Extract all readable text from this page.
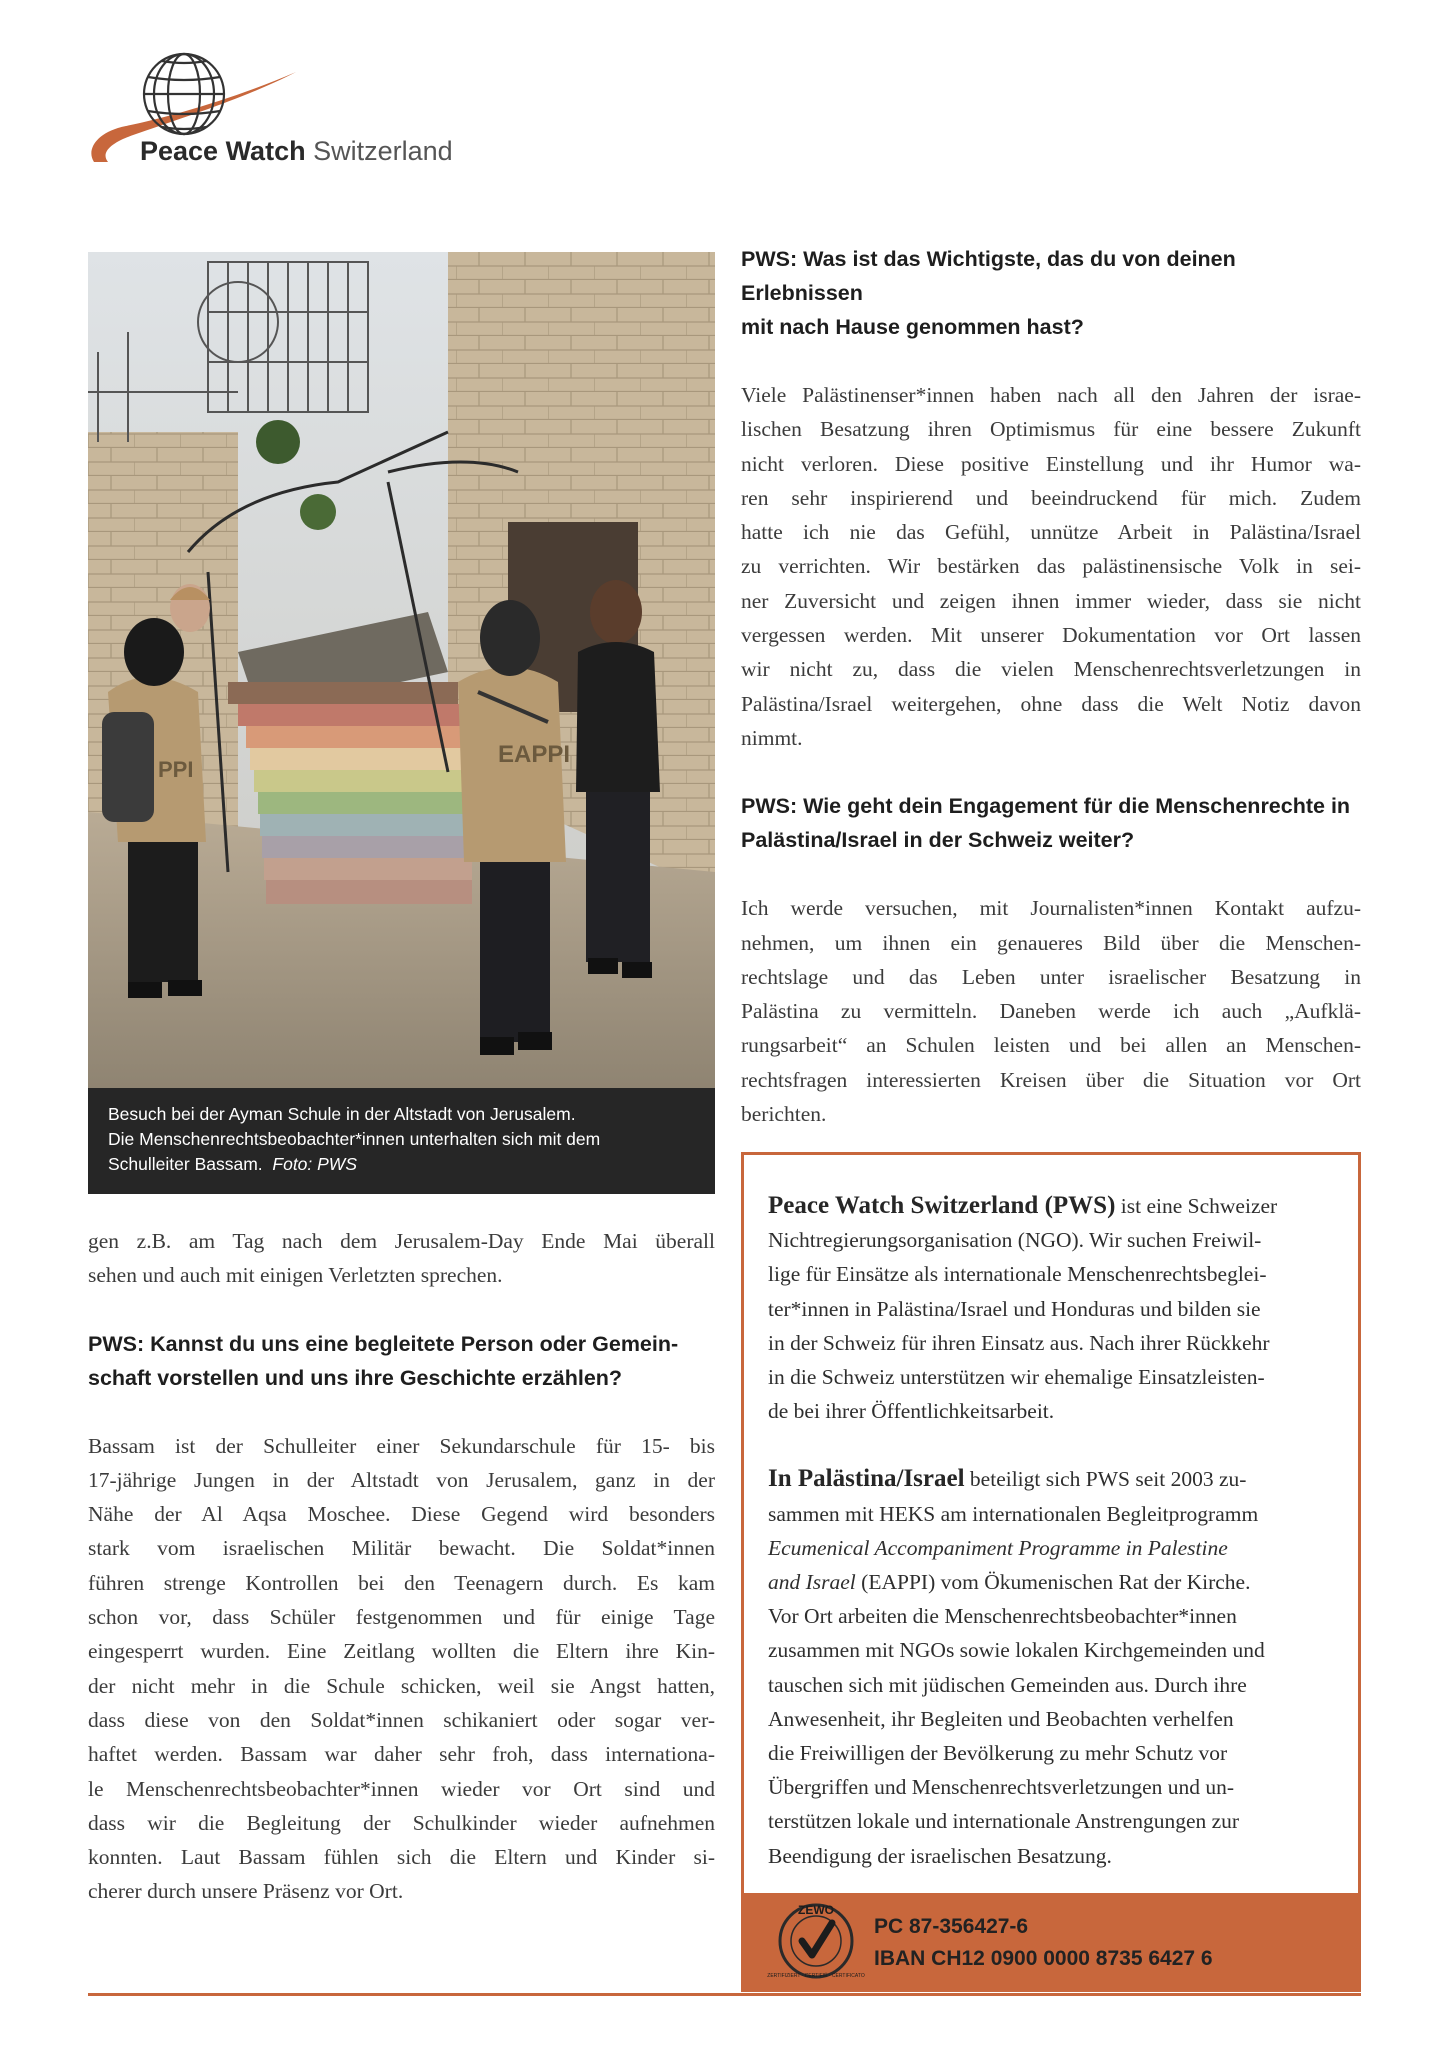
Peace Watch Switzerland
PPI
EAPPI
Besuch bei der Ayman Schule in der Altstadt von Jerusalem.
Die Menschenrechtsbeobachter*innen unterhalten sich mit dem
Schulleiter Bassam. Foto: PWS
gen z.B. am Tag nach dem Jerusalem-Day Ende Mai überall
sehen und auch mit einigen Verletzten sprechen.
PWS: Kannst du uns eine begleitete Person oder Gemein-
schaft vorstellen und uns ihre Geschichte erzählen?
Bassam ist der Schulleiter einer Sekundarschule für 15- bis
17-jährige Jungen in der Altstadt von Jerusalem, ganz in der
Nähe der Al Aqsa Moschee. Diese Gegend wird besonders
stark vom israelischen Militär bewacht. Die Soldat*innen
führen strenge Kontrollen bei den Teenagern durch. Es kam
schon vor, dass Schüler festgenommen und für einige Tage
eingesperrt wurden. Eine Zeitlang wollten die Eltern ihre Kin-
der nicht mehr in die Schule schicken, weil sie Angst hatten,
dass diese von den Soldat*innen schikaniert oder sogar ver-
haftet werden. Bassam war daher sehr froh, dass internationa-
le Menschenrechtsbeobachter*innen wieder vor Ort sind und
dass wir die Begleitung der Schulkinder wieder aufnehmen
konnten. Laut Bassam fühlen sich die Eltern und Kinder si-
cherer durch unsere Präsenz vor Ort.
PWS: Was ist das Wichtigste, das du von deinen Erlebnissen
mit nach Hause genommen hast?
Viele Palästinenser*innen haben nach all den Jahren der israe-
lischen Besatzung ihren Optimismus für eine bessere Zukunft
nicht verloren. Diese positive Einstellung und ihr Humor wa-
ren sehr inspirierend und beeindruckend für mich. Zudem
hatte ich nie das Gefühl, unnütze Arbeit in Palästina/Israel
zu verrichten. Wir bestärken das palästinensische Volk in sei-
ner Zuversicht und zeigen ihnen immer wieder, dass sie nicht
vergessen werden. Mit unserer Dokumentation vor Ort lassen
wir nicht zu, dass die vielen Menschenrechtsverletzungen in
Palästina/Israel weitergehen, ohne dass die Welt Notiz davon
nimmt.
PWS: Wie geht dein Engagement für die Menschenrechte in
Palästina/Israel in der Schweiz weiter?
Ich werde versuchen, mit Journalisten*innen Kontakt aufzu-
nehmen, um ihnen ein genaueres Bild über die Menschen-
rechtslage und das Leben unter israelischer Besatzung in
Palästina zu vermitteln. Daneben werde ich auch „Aufklä-
rungsarbeit“ an Schulen leisten und bei allen an Menschen-
rechtsfragen interessierten Kreisen über die Situation vor Ort
berichten.
Peace Watch Switzerland (PWS) ist eine Schweizer
Nichtregierungsorganisation (NGO). Wir suchen Freiwil-
lige für Einsätze als internationale Menschenrechtsbeglei-
ter*innen in Palästina/Israel und Honduras und bilden sie
in der Schweiz für ihren Einsatz aus. Nach ihrer Rückkehr
in die Schweiz unterstützen wir ehemalige Einsatzleisten-
de bei ihrer Öffentlichkeitsarbeit.
In Palästina/Israel beteiligt sich PWS seit 2003 zu-
sammen mit HEKS am internationalen Begleitprogramm
Ecumenical Accompaniment Programme in Palestine
and Israel (EAPPI) vom Ökumenischen Rat der Kirche.
Vor Ort arbeiten die Menschenrechtsbeobachter*innen
zusammen mit NGOs sowie lokalen Kirchgemeinden und
tauschen sich mit jüdischen Gemeinden aus. Durch ihre
Anwesenheit, ihr Begleiten und Beobachten verhelfen
die Freiwilligen der Bevölkerung zu mehr Schutz vor
Übergriffen und Menschenrechtsverletzungen und un-
terstützen lokale und internationale Anstrengungen zur
Beendigung der israelischen Besatzung.
ZEWO
ZERTIFIZIERT · CERTIFIÉ · CERTIFICATO
PC 87-356427-6
IBAN CH12 0900 0000 8735 6427 6
